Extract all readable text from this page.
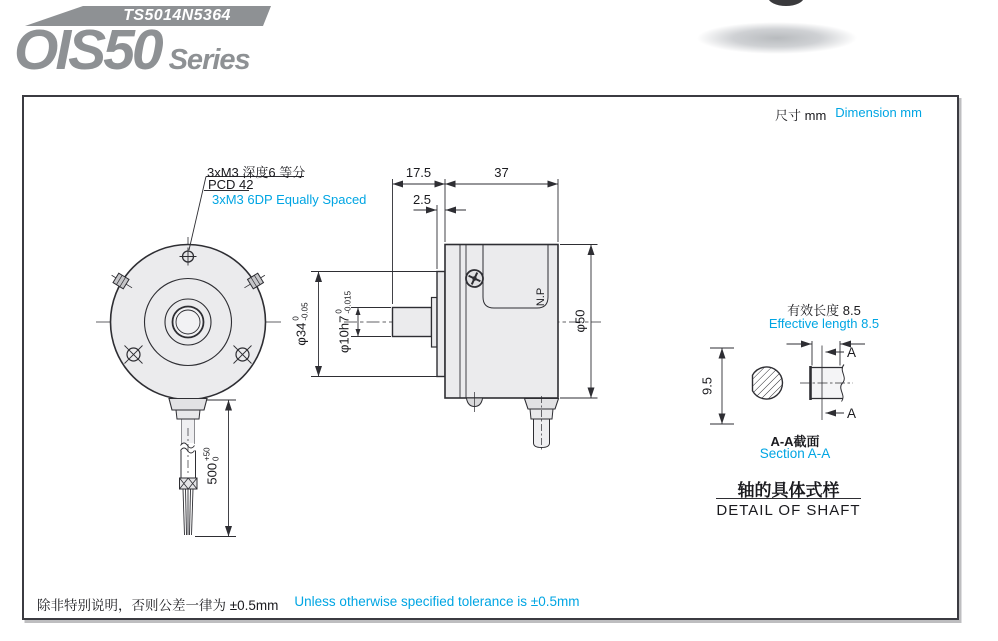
TS5014N5364
OIS50 Series
尺寸 mm Dimension mm
3xM3 深度6 等分
PCD 42
3xM3 6DP Equally Spaced
17.5	37
2.5
φ34
0 -0.05
φ10h7
0 -0.015
φ50
N.P
500
+50 0
有效长度 8.5
Effective length 8.5
9.5
A
A
A-A截面
Section A-A
轴的具体式样
DETAIL OF SHAFT
除非特别说明，否则公差一律为 ±0.5mm Unless otherwise specified tolerance is ±0.5mm
